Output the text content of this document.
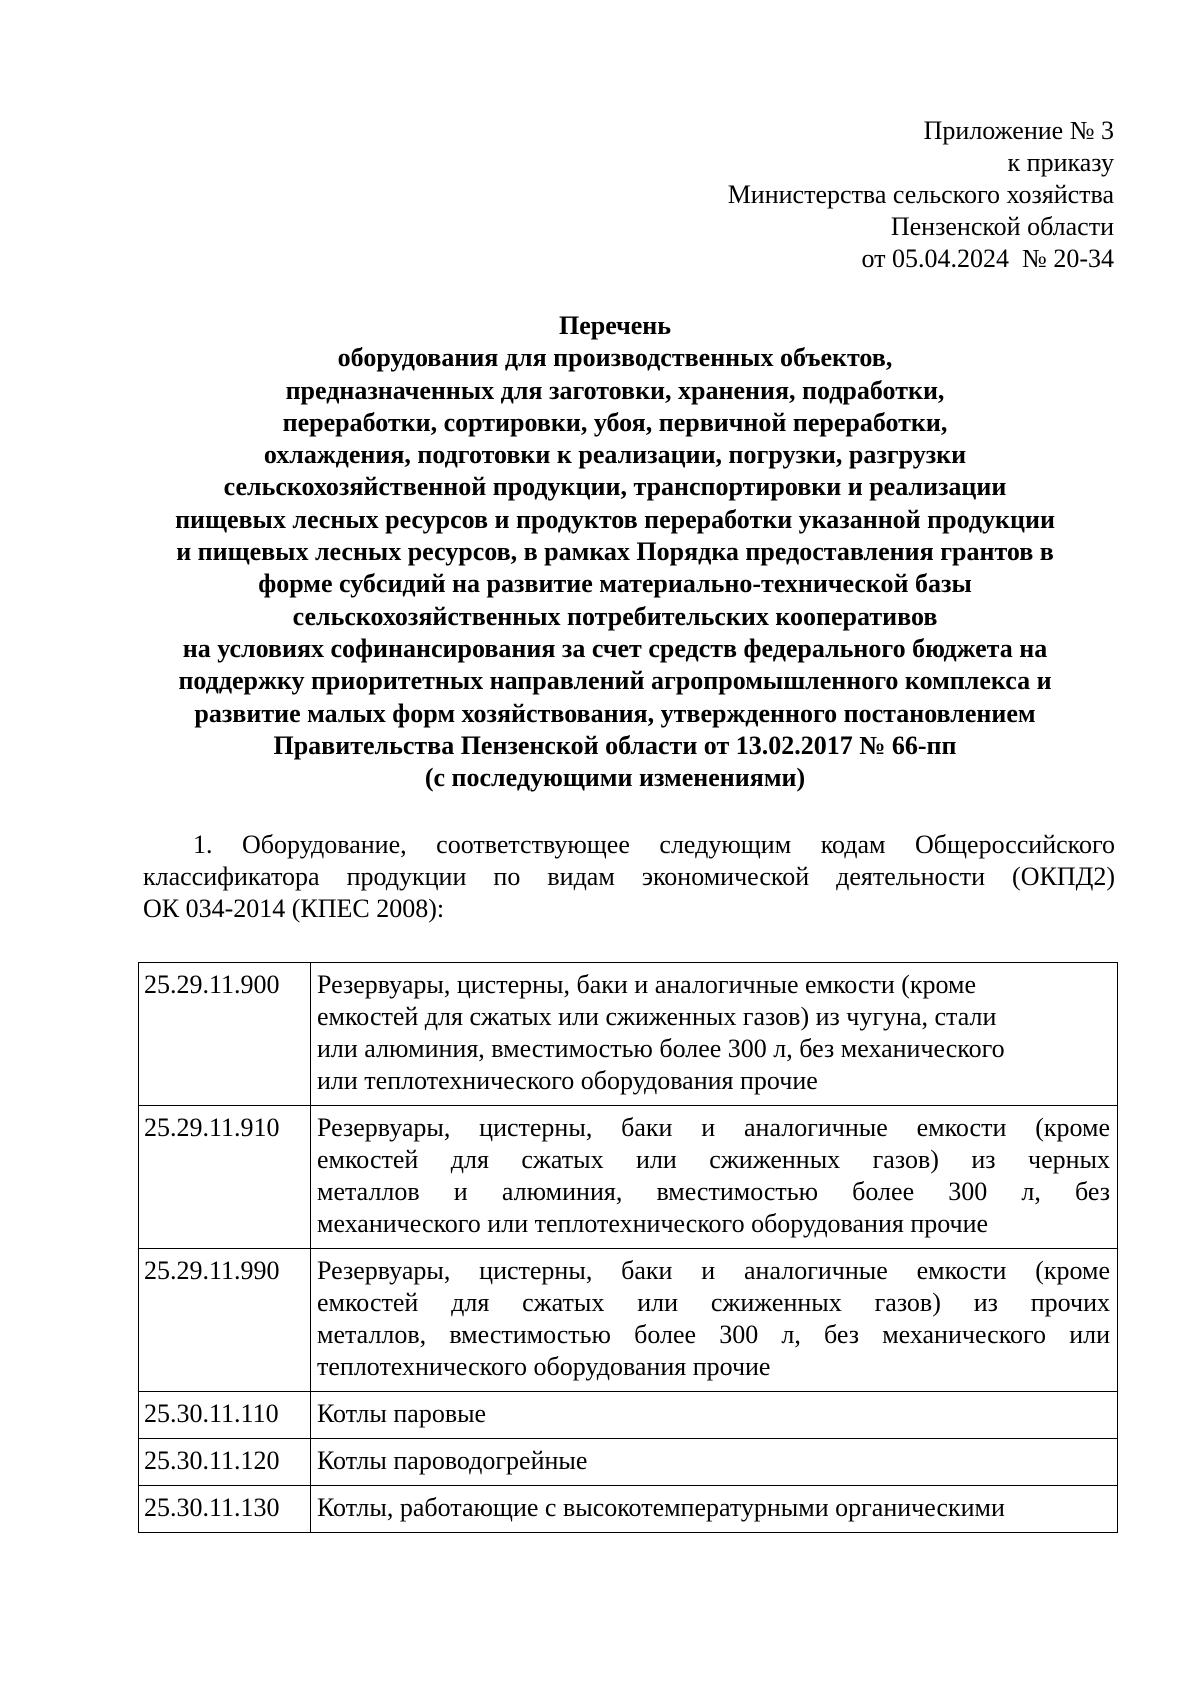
Приложение № 3
к приказу
Министерства сельского хозяйства
Пензенской области
от 05.04.2024  № 20-34
Перечень
оборудования для производственных объектов,
предназначенных для заготовки, хранения, подработки,
переработки, сортировки, убоя, первичной переработки,
охлаждения, подготовки к реализации, погрузки, разгрузки
сельскохозяйственной продукции, транспортировки и реализации
пищевых лесных ресурсов и продуктов переработки указанной продукции
и пищевых лесных ресурсов, в рамках Порядка предоставления грантов в
форме субсидий на развитие материально-технической базы
сельскохозяйственных потребительских кооперативов
на условиях софинансирования за счет средств федерального бюджета на
поддержку приоритетных направлений агропромышленного комплекса и
развитие малых форм хозяйствования, утвержденного постановлением
Правительства Пензенской области от 13.02.2017 № 66-пп
(с последующими изменениями)
1. Оборудование, соответствующее следующим кодам Общероссийского
классификатора продукции по видам экономической деятельности (ОКПД2)
ОК 034-2014 (КПЕС 2008):
25.29.11.900	Резервуары, цистерны, баки и аналогичные емкости (кроме
емкостей для сжатых или сжиженных газов) из чугуна, стали
или алюминия, вместимостью более 300 л, без механического
или теплотехнического оборудования прочие

25.29.11.910	Резервуары, цистерны, баки и аналогичные емкости (кроме
емкостей для сжатых или сжиженных газов) из черных
металлов и алюминия, вместимостью более 300 л, без
механического или теплотехнического оборудования прочие

25.29.11.990	Резервуары, цистерны, баки и аналогичные емкости (кроме
емкостей для сжатых или сжиженных газов) из прочих
металлов, вместимостью более 300 л, без механического или
теплотехнического оборудования прочие

25.30.11.110	Котлы паровые

25.30.11.120	Котлы пароводогрейные

25.30.11.130	Котлы, работающие с высокотемпературными органическими
